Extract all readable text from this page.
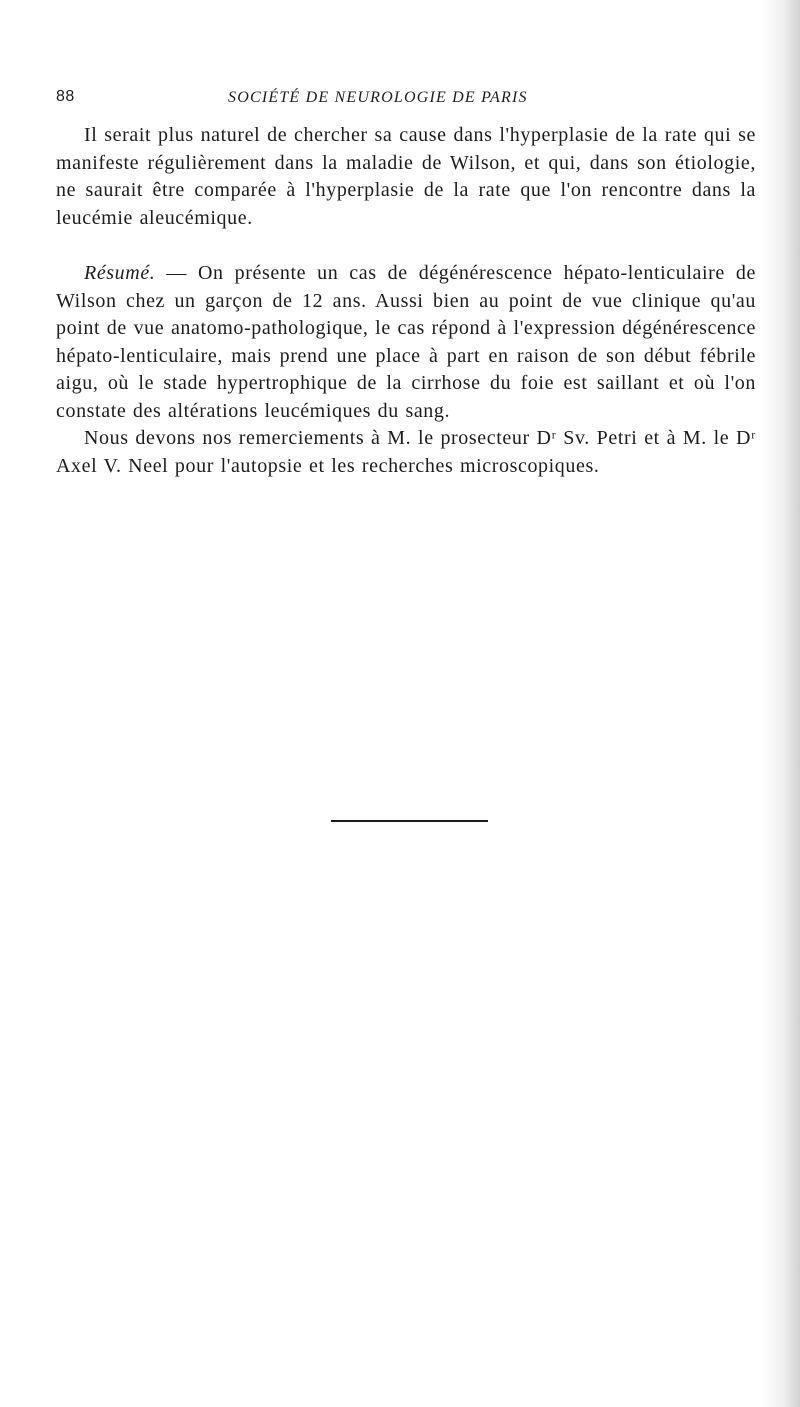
88	SOCIÉTÉ DE NEUROLOGIE DE PARIS

Il serait plus naturel de chercher sa cause dans l'hyperplasie de la rate qui se manifeste régulièrement dans la maladie de Wilson, et qui, dans son étiologie, ne saurait être comparée à l'hyperplasie de la rate que l'on rencontre dans la leucémie aleucémique.

Résumé. — On présente un cas de dégénérescence hépato-lenticulaire de Wilson chez un garçon de 12 ans. Aussi bien au point de vue clinique qu'au point de vue anatomo-pathologique, le cas répond à l'expression dégénérescence hépato-lenticulaire, mais prend une place à part en raison de son début fébrile aigu, où le stade hypertrophique de la cirrhose du foie est saillant et où l'on constate des altérations leucémiques du sang.

Nous devons nos remerciements à M. le prosecteur Dʳ Sv. Petri et à M. le Dʳ Axel V. Neel pour l'autopsie et les recherches microscopiques.
